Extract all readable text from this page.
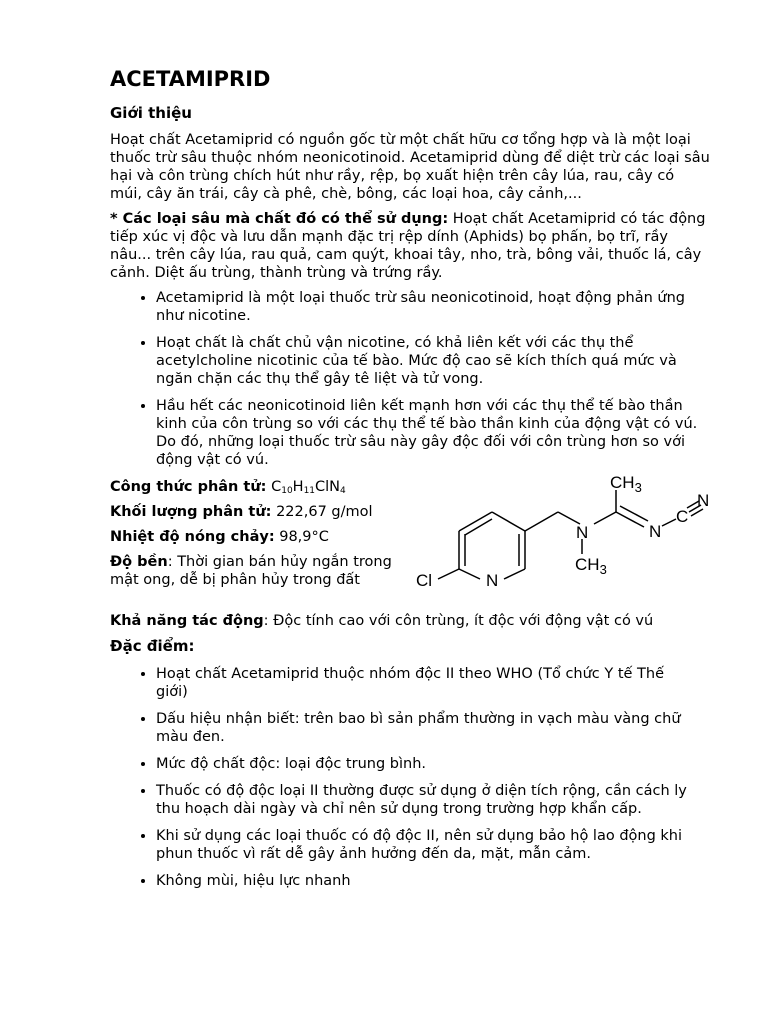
ACETAMIPRID
Giới thiệu

Hoạt chất Acetamiprid có nguồn gốc từ một chất hữu cơ tổng hợp và là một loại thuốc trừ sâu thuộc nhóm neonicotinoid. Acetamiprid dùng để diệt trừ các loại sâu hại và côn trùng chích hút như rầy, rệp, bọ xuất hiện trên cây lúa, rau, cây có múi, cây ăn trái, cây cà phê, chè, bông, các loại hoa, cây cảnh,...

* Các loại sâu mà chất đó có thể sử dụng: Hoạt chất Acetamiprid có tác động tiếp xúc vị độc và lưu dẫn mạnh đặc trị rệp dính (Aphids) bọ phấn, bọ trĩ, rầy nâu... trên cây lúa, rau quả, cam quýt, khoai tây, nho, trà, bông vải, thuốc lá, cây cảnh. Diệt ấu trùng, thành trùng và trứng rầy.

• Acetamiprid là một loại thuốc trừ sâu neonicotinoid, hoạt động phản ứng như nicotine.
• Hoạt chất là chất chủ vận nicotine, có khả liên kết với các thụ thể acetylcholine nicotinic của tế bào. Mức độ cao sẽ kích thích quá mức và ngăn chặn các thụ thể gây tê liệt và tử vong.
• Hầu hết các neonicotinoid liên kết mạnh hơn với các thụ thể tế bào thần kinh của côn trùng so với các thụ thể tế bào thần kinh của động vật có vú. Do đó, những loại thuốc trừ sâu này gây độc đối với côn trùng hơn so với động vật có vú.

Công thức phân tử: $C_{10}H_{11}ClN_4$

Khối lượng phân tử: 222,67 g/mol

Nhiệt độ nóng chảy: 98,9°C

Độ bền: Thời gian bán hủy ngắn trong mật ong, dễ bị phân hủy trong đất

$CH_3$
N	N
C
N
$CH_3$
N
Cl

Khả năng tác động: Độc tính cao với côn trùng, ít độc với động vật có vú

Đặc điểm:
• Hoạt chất Acetamiprid thuộc nhóm độc II theo WHO (Tổ chức Y tế Thế giới)
• Dấu hiệu nhận biết: trên bao bì sản phẩm thường in vạch màu vàng chữ màu đen.
• Mức độ chất độc: loại độc trung bình.
• Thuốc có độ độc loại II thường được sử dụng ở diện tích rộng, cần cách ly thu hoạch dài ngày và chỉ nên sử dụng trong trường hợp khẩn cấp.
• Khi sử dụng các loại thuốc có độ độc II, nên sử dụng bảo hộ lao động khi phun thuốc vì rất dễ gây ảnh hưởng đến da, mặt, mẫn cảm.
• Không mùi, hiệu lực nhanh
